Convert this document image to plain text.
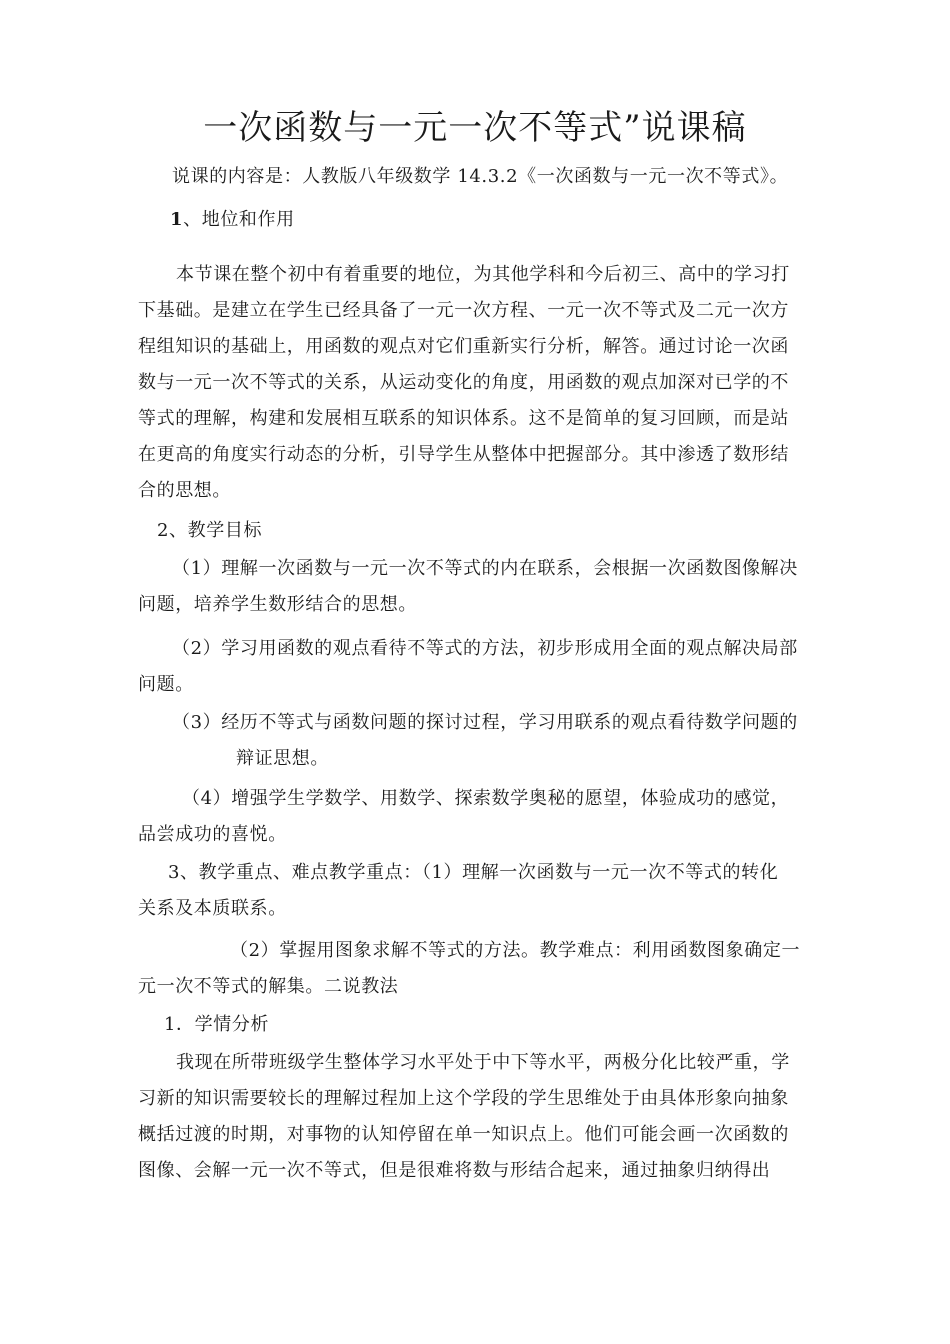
一次函数与一元一次不等式”说课稿
说课的内容是：人教版八年级数学 14.3.2《一次函数与一元一次不等式》。
1、地位和作用
本节课在整个初中有着重要的地位，为其他学科和今后初三、高中的学习打
下基础。是建立在学生已经具备了一元一次方程、一元一次不等式及二元一次方
程组知识的基础上，用函数的观点对它们重新实行分析，解答。通过讨论一次函
数与一元一次不等式的关系，从运动变化的角度，用函数的观点加深对已学的不
等式的理解，构建和发展相互联系的知识体系。这不是简单的复习回顾，而是站
在更高的角度实行动态的分析，引导学生从整体中把握部分。其中渗透了数形结
合的思想。
2、教学目标
（1）理解一次函数与一元一次不等式的内在联系，会根据一次函数图像解决
问题，培养学生数形结合的思想。
（2）学习用函数的观点看待不等式的方法，初步形成用全面的观点解决局部
问题。
（3）经历不等式与函数问题的探讨过程，学习用联系的观点看待数学问题的
辩证思想。
（4）增强学生学数学、用数学、探索数学奥秘的愿望，体验成功的感觉，
品尝成功的喜悦。
3、教学重点、难点教学重点：（1）理解一次函数与一元一次不等式的转化
关系及本质联系。
（2）掌握用图象求解不等式的方法。教学难点：利用函数图象确定一
元一次不等式的解集。二说教法
1．学情分析
我现在所带班级学生整体学习水平处于中下等水平，两极分化比较严重，学
习新的知识需要较长的理解过程加上这个学段的学生思维处于由具体形象向抽象
概括过渡的时期，对事物的认知停留在单一知识点上。他们可能会画一次函数的
图像、会解一元一次不等式，但是很难将数与形结合起来，通过抽象归纳得出
